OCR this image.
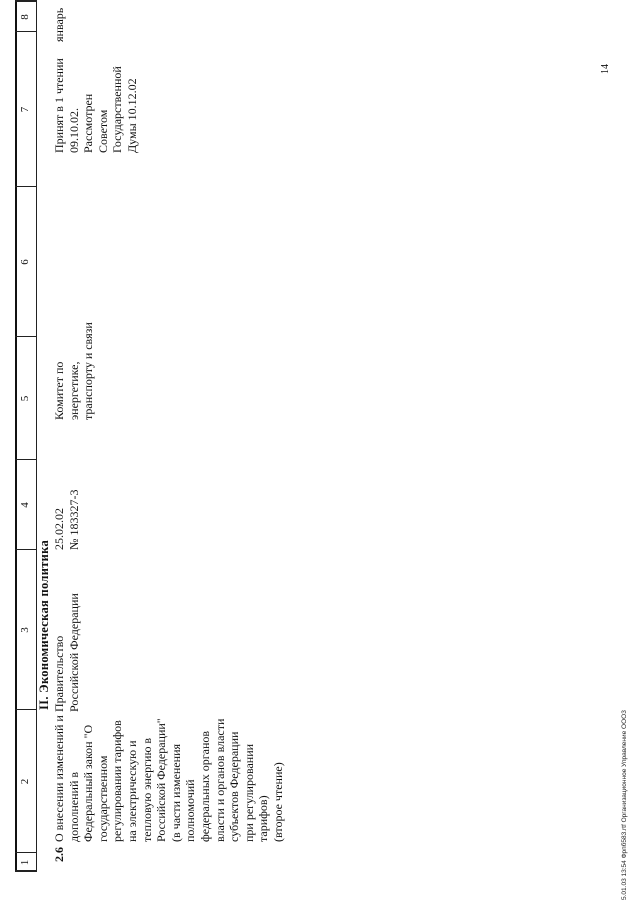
1
2
3
4
5
6
7
8
II. Экономическая политика
2.6
О внесении изменений и дополнений в Федеральный закон "О государственном регулировании тарифов на электрическую и тепловую энергию в Российской Федерации" (в части изменения полномочий федеральных органов власти и органов власти субъектов Федерации при регулировании тарифов) (второе чтение)
Правительство Российской Федерации
25.02.02 № 183327-3
Комитет по энергетике, транспорту и связи
Принят в 1 чтении 09.10.02. Рассмотрен Советом Государственной Думы 10.12.02
январь
5.01.03 13:54 Фрпб583.rtf Организационное Управление ООО3
14
